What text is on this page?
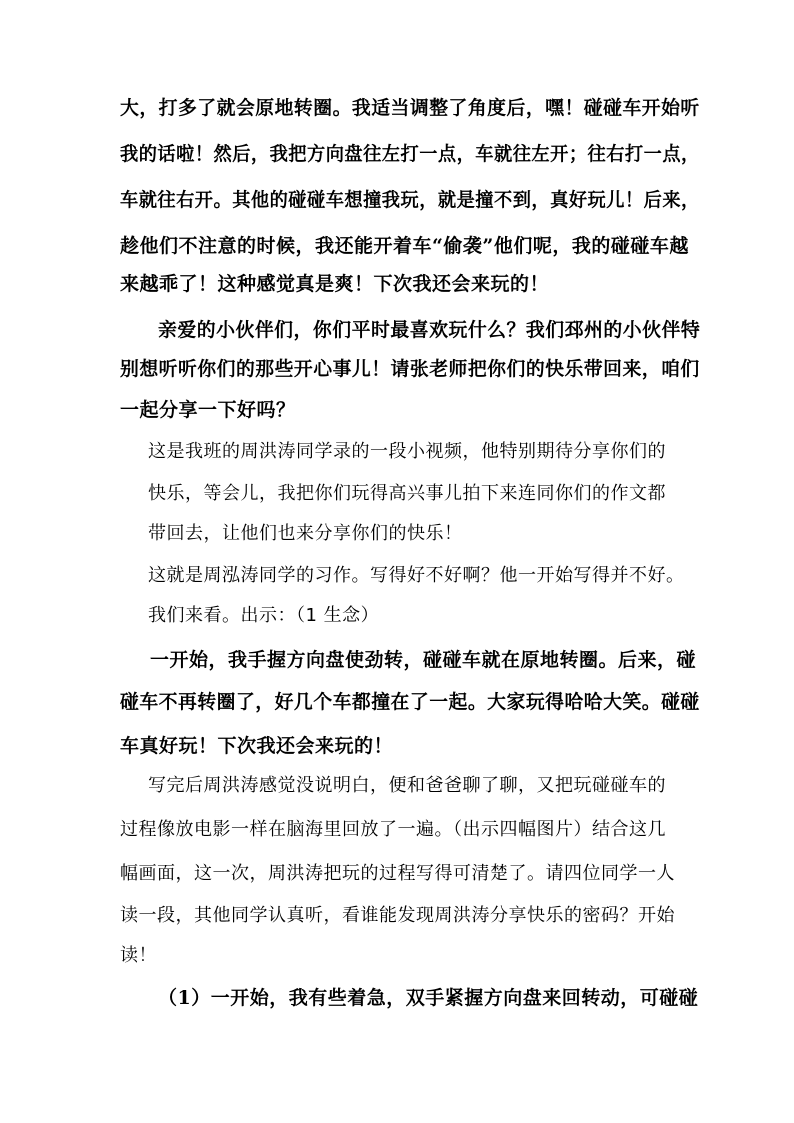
大，打多了就会原地转圈。我适当调整了角度后，嘿！碰碰车开始听
我的话啦！然后，我把方向盘往左打一点，车就往左开；往右打一点，
车就往右开。其他的碰碰车想撞我玩，就是撞不到，真好玩儿！后来，
趁他们不注意的时候，我还能开着车“偷袭”他们呢，我的碰碰车越
来越乖了！这种感觉真是爽！下次我还会来玩的！
亲爱的小伙伴们，你们平时最喜欢玩什么？我们邳州的小伙伴特
别想听听你们的那些开心事儿！请张老师把你们的快乐带回来，咱们
一起分享一下好吗？
这是我班的周洪涛同学录的一段小视频，他特别期待分享你们的
快乐，等会儿，我把你们玩得高兴事儿拍下来连同你们的作文都
带回去，让他们也来分享你们的快乐！
这就是周泓涛同学的习作。写得好不好啊？他一开始写得并不好。
我们来看。出示：（1 生念）
一开始，我手握方向盘使劲转，碰碰车就在原地转圈。后来，碰
碰车不再转圈了，好几个车都撞在了一起。大家玩得哈哈大笑。碰碰
车真好玩！下次我还会来玩的！
写完后周洪涛感觉没说明白，便和爸爸聊了聊，又把玩碰碰车的
过程像放电影一样在脑海里回放了一遍。（出示四幅图片）结合这几
幅画面，这一次，周洪涛把玩的过程写得可清楚了。请四位同学一人
读一段，其他同学认真听，看谁能发现周洪涛分享快乐的密码？开始
读！
（1）一开始，我有些着急，双手紧握方向盘来回转动，可碰碰
